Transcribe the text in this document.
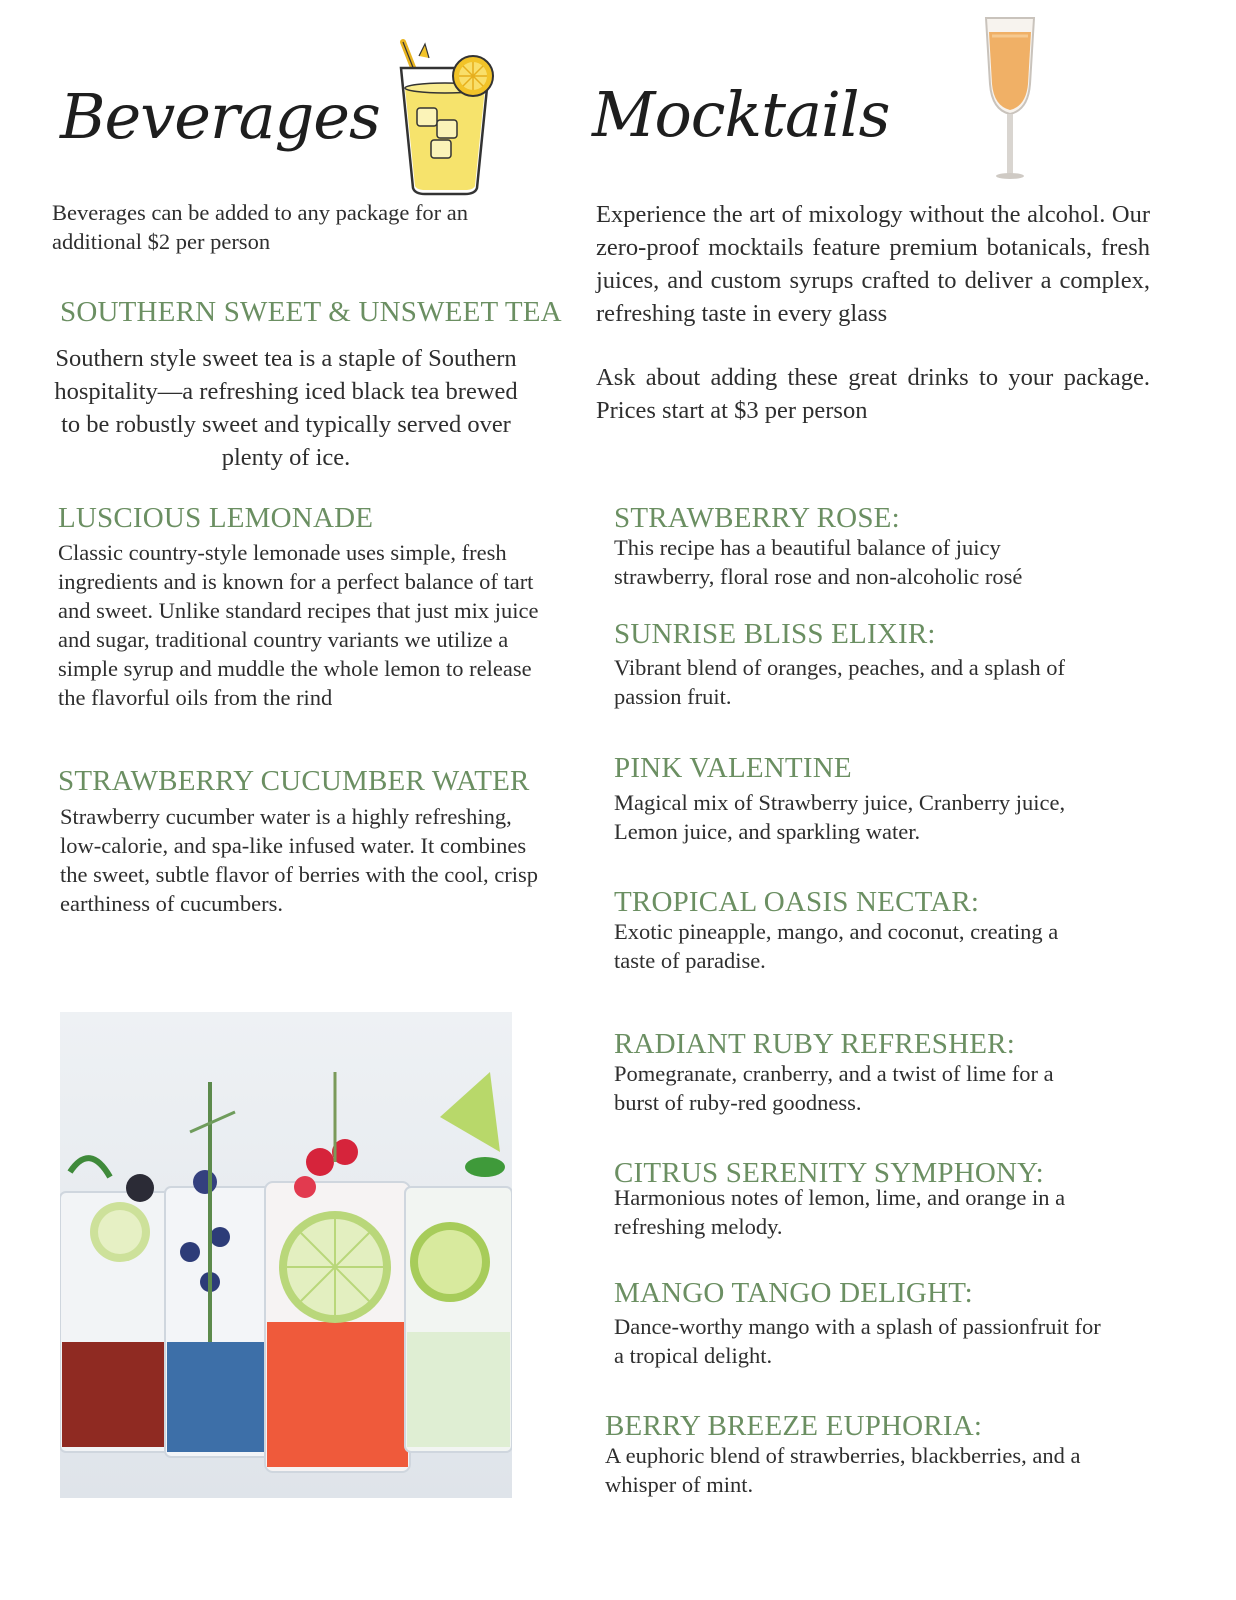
Beverages
Beverages can be added to any package for an additional $2 per person
SOUTHERN SWEET & UNSWEET TEA
Southern style sweet tea is a staple of Southern hospitality—a refreshing iced black tea brewed to be robustly sweet and typically served over plenty of ice.
LUSCIOUS LEMONADE
Classic country-style lemonade uses simple, fresh ingredients and is known for a perfect balance of tart and sweet. Unlike standard recipes that just mix juice and sugar, traditional country variants we utilize a simple syrup and muddle the whole lemon to release the flavorful oils from the rind
STRAWBERRY CUCUMBER WATER
Strawberry cucumber water is a highly refreshing, low-calorie, and spa-like infused water. It combines the sweet, subtle flavor of berries with the cool, crisp earthiness of cucumbers.
Mocktails
Experience the art of mixology without the alcohol. Our zero-proof mocktails feature premium botanicals, fresh juices, and custom syrups crafted to deliver a complex, refreshing taste in every glass
Ask about adding these great drinks to your package. Prices start at $3 per person
STRAWBERRY ROSE:
This recipe has a beautiful balance of juicy strawberry, floral rose and non-alcoholic rosé
SUNRISE BLISS ELIXIR:
Vibrant blend of oranges, peaches, and a splash of passion fruit.
PINK VALENTINE
Magical mix of Strawberry juice, Cranberry juice, Lemon juice, and sparkling water.
TROPICAL OASIS NECTAR:
Exotic pineapple, mango, and coconut, creating a taste of paradise.
RADIANT RUBY REFRESHER:
Pomegranate, cranberry, and a twist of lime for a burst of ruby-red goodness.
CITRUS SERENITY SYMPHONY:
Harmonious notes of lemon, lime, and orange in a refreshing melody.
MANGO TANGO DELIGHT:
Dance-worthy mango with a splash of passionfruit for a tropical delight.
BERRY BREEZE EUPHORIA:
A euphoric blend of strawberries, blackberries, and a whisper of mint.
